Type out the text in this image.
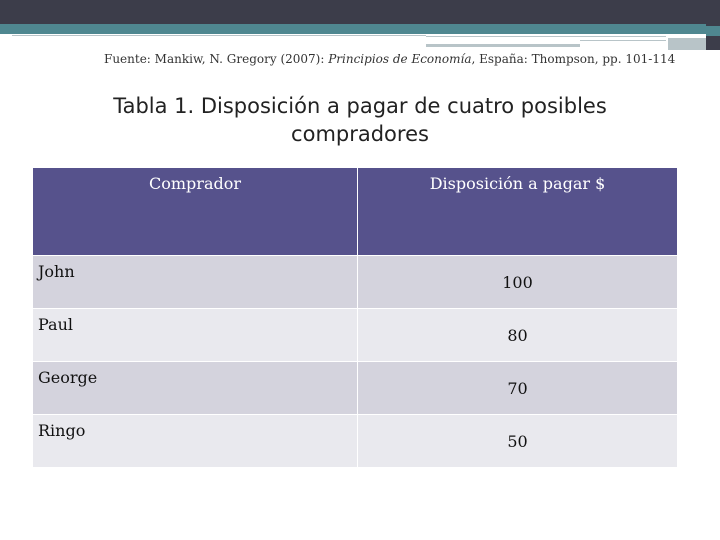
Fuente: Mankiw, N. Gregory (2007): Principios de Economía, España: Thompson, pp. 101-114
Tabla 1. Disposición a pagar de cuatro posibles
compradores
Comprador	Disposición a pagar $
John	100
Paul	80
George	70
Ringo	50
